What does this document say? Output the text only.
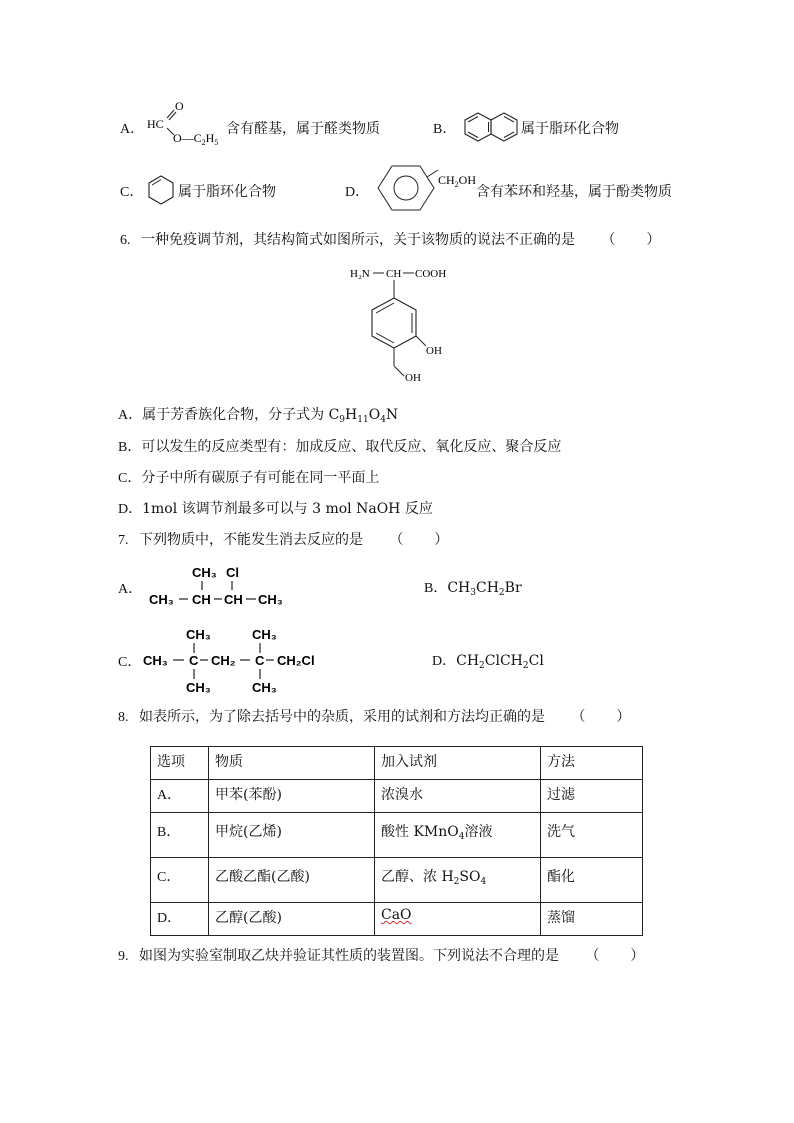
A． HC
O
$O—C_2H_5$
含有醛基，属于醛类物质	B．	属于脂环化合物
C． 属于脂环化合物	D．
$CH_2OH$
含有苯环和羟基，属于酚类物质
6. 一种免疫调节剂，其结构简式如图所示，关于该物质的说法不正确的是 （　　）
H₂N CH COOH
OH
OH
A．属于芳香族化合物，分子式为 $C_9H_{11}O_4N$
B．可以发生的反应类型有：加成反应、取代反应、氧化反应、聚合反应
C．分子中所有碳原子有可能在同一平面上
D．1mol 该调节剂最多可以与 3 mol NaOH 反应
7. 下列物质中，不能发生消去反应的是 （　　）
A．
CH₃ Cl
CH₃ CH CH CH₃
B．$CH_3CH_2Br$
C．
CH₃	CH₃
CH₃ C CH₂ C CH₂Cl
CH₃	CH₃
D．$CH_2ClCH_2Cl$
8. 如表所示，为了除去括号中的杂质，采用的试剂和方法均正确的是 （　　）
选项	物质	加入试剂	方法
A．	甲苯(苯酚)	浓溴水	过滤
B．	甲烷(乙烯)	酸性 KMnO$_4$溶液	洗气
C．	乙酸乙酯(乙酸)	乙醇、浓 $H_2SO_4$	酯化
D．	乙醇(乙酸)	CaO	蒸馏
9. 如图为实验室制取乙炔并验证其性质的装置图。下列说法不合理的是 （　　）
